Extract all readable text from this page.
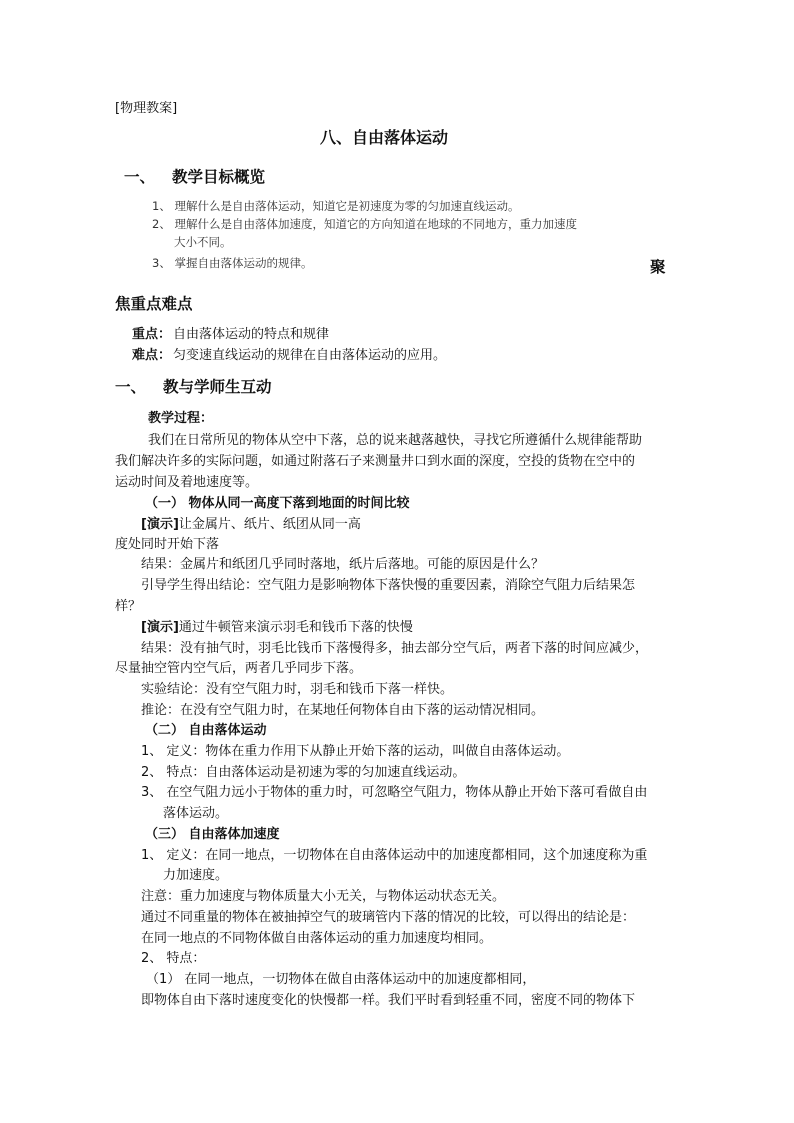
[物理教案]
八、自由落体运动
一、 教学目标概览
1、 理解什么是自由落体运动，知道它是初速度为零的匀加速直线运动。
2、 理解什么是自由落体加速度，知道它的方向知道在地球的不同地方，重力加速度
大小不同。
3、 掌握自由落体运动的规律。	聚
焦重点难点
重点： 自由落体运动的特点和规律
难点： 匀变速直线运动的规律在自由落体运动的应用。
一、 教与学师生互动
教学过程：
我们在日常所见的物体从空中下落，总的说来越落越快，寻找它所遵循什么规律能帮助
我们解决许多的实际问题，如通过附落石子来测量井口到水面的深度，空投的货物在空中的
运动时间及着地速度等。
（一） 物体从同一高度下落到地面的时间比较
[演示]让金属片、纸片、纸团从同一高
度处同时开始下落
结果：金属片和纸团几乎同时落地，纸片后落地。可能的原因是什么？
引导学生得出结论：空气阻力是影响物体下落快慢的重要因素，消除空气阻力后结果怎
样？
[演示]通过牛顿管来演示羽毛和钱币下落的快慢
结果：没有抽气时，羽毛比钱币下落慢得多，抽去部分空气后，两者下落的时间应减少，
尽量抽空管内空气后，两者几乎同步下落。
实验结论：没有空气阻力时，羽毛和钱币下落一样快。
推论：在没有空气阻力时，在某地任何物体自由下落的运动情况相同。
（二） 自由落体运动
1、 定义：物体在重力作用下从静止开始下落的运动，叫做自由落体运动。
2、 特点：自由落体运动是初速为零的匀加速直线运动。
3、 在空气阻力远小于物体的重力时，可忽略空气阻力，物体从静止开始下落可看做自由
落体运动。
（三） 自由落体加速度
1、 定义：在同一地点，一切物体在自由落体运动中的加速度都相同，这个加速度称为重
力加速度。
注意：重力加速度与物体质量大小无关，与物体运动状态无关。
通过不同重量的物体在被抽掉空气的玻璃管内下落的情况的比较，可以得出的结论是：
在同一地点的不同物体做自由落体运动的重力加速度均相同。
2、 特点：
（1） 在同一地点，一切物体在做自由落体运动中的加速度都相同，
即物体自由下落时速度变化的快慢都一样。我们平时看到轻重不同，密度不同的物体下
